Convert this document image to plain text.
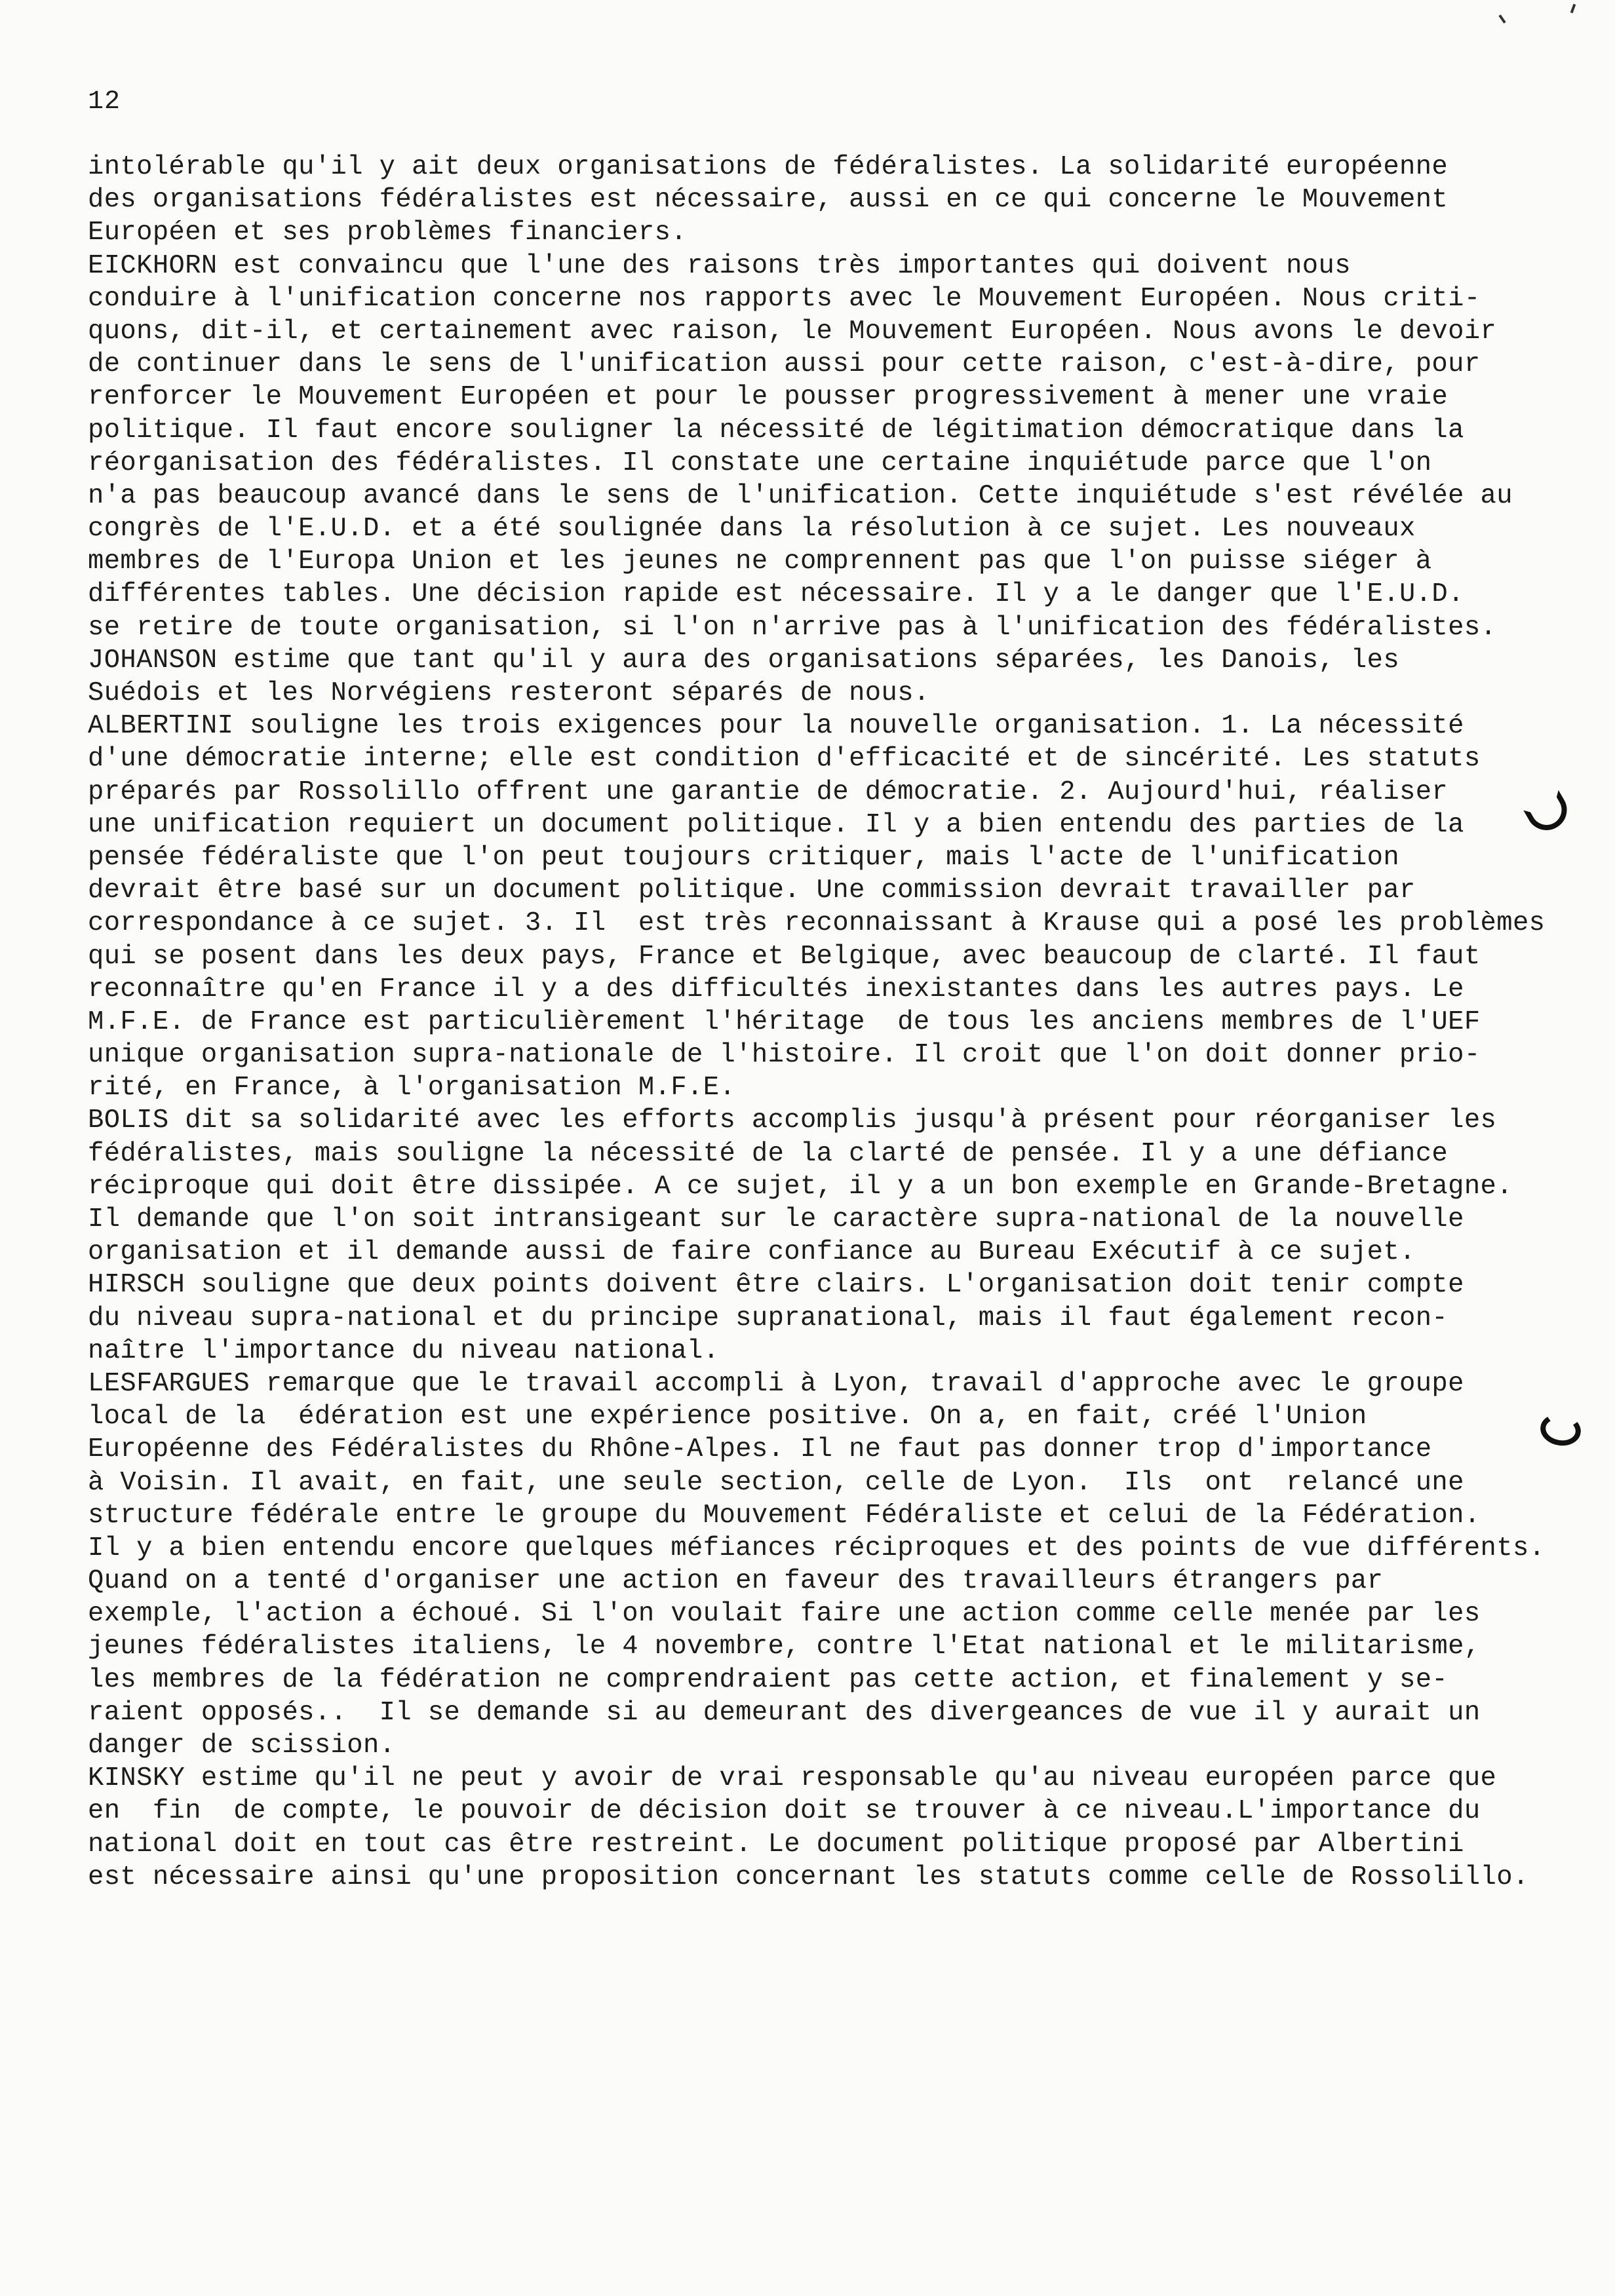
12
intolérable qu'il y ait deux organisations de fédéralistes. La solidarité européenne
des organisations fédéralistes est nécessaire, aussi en ce qui concerne le Mouvement
Européen et ses problèmes financiers.
EICKHORN est convaincu que l'une des raisons très importantes qui doivent nous
conduire à l'unification concerne nos rapports avec le Mouvement Européen. Nous criti-
quons, dit-il, et certainement avec raison, le Mouvement Européen. Nous avons le devoir
de continuer dans le sens de l'unification aussi pour cette raison, c'est-à-dire, pour
renforcer le Mouvement Européen et pour le pousser progressivement à mener une vraie
politique. Il faut encore souligner la nécessité de légitimation démocratique dans la
réorganisation des fédéralistes. Il constate une certaine inquiétude parce que l'on
n'a pas beaucoup avancé dans le sens de l'unification. Cette inquiétude s'est révélée au
congrès de l'E.U.D. et a été soulignée dans la résolution à ce sujet. Les nouveaux
membres de l'Europa Union et les jeunes ne comprennent pas que l'on puisse siéger à
différentes tables. Une décision rapide est nécessaire. Il y a le danger que l'E.U.D.
se retire de toute organisation, si l'on n'arrive pas à l'unification des fédéralistes.
JOHANSON estime que tant qu'il y aura des organisations séparées, les Danois, les
Suédois et les Norvégiens resteront séparés de nous.
ALBERTINI souligne les trois exigences pour la nouvelle organisation. 1. La nécessité
d'une démocratie interne; elle est condition d'efficacité et de sincérité. Les statuts
préparés par Rossolillo offrent une garantie de démocratie. 2. Aujourd'hui, réaliser
une unification requiert un document politique. Il y a bien entendu des parties de la
pensée fédéraliste que l'on peut toujours critiquer, mais l'acte de l'unification
devrait être basé sur un document politique. Une commission devrait travailler par
correspondance à ce sujet. 3. Il  est très reconnaissant à Krause qui a posé les problèmes
qui se posent dans les deux pays, France et Belgique, avec beaucoup de clarté. Il faut
reconnaître qu'en France il y a des difficultés inexistantes dans les autres pays. Le
M.F.E. de France est particulièrement l'héritage  de tous les anciens membres de l'UEF
unique organisation supra-nationale de l'histoire. Il croit que l'on doit donner prio-
rité, en France, à l'organisation M.F.E.
BOLIS dit sa solidarité avec les efforts accomplis jusqu'à présent pour réorganiser les
fédéralistes, mais souligne la nécessité de la clarté de pensée. Il y a une défiance
réciproque qui doit être dissipée. A ce sujet, il y a un bon exemple en Grande-Bretagne.
Il demande que l'on soit intransigeant sur le caractère supra-national de la nouvelle
organisation et il demande aussi de faire confiance au Bureau Exécutif à ce sujet.
HIRSCH souligne que deux points doivent être clairs. L'organisation doit tenir compte
du niveau supra-national et du principe supranational, mais il faut également recon-
naître l'importance du niveau national.
LESFARGUES remarque que le travail accompli à Lyon, travail d'approche avec le groupe
local de la  édération est une expérience positive. On a, en fait, créé l'Union
Européenne des Fédéralistes du Rhône-Alpes. Il ne faut pas donner trop d'importance
à Voisin. Il avait, en fait, une seule section, celle de Lyon.  Ils  ont  relancé une
structure fédérale entre le groupe du Mouvement Fédéraliste et celui de la Fédération.
Il y a bien entendu encore quelques méfiances réciproques et des points de vue différents.
Quand on a tenté d'organiser une action en faveur des travailleurs étrangers par
exemple, l'action a échoué. Si l'on voulait faire une action comme celle menée par les
jeunes fédéralistes italiens, le 4 novembre, contre l'Etat national et le militarisme,
les membres de la fédération ne comprendraient pas cette action, et finalement y se-
raient opposés..  Il se demande si au demeurant des divergeances de vue il y aurait un
danger de scission.
KINSKY estime qu'il ne peut y avoir de vrai responsable qu'au niveau européen parce que
en  fin  de compte, le pouvoir de décision doit se trouver à ce niveau.L'importance du
national doit en tout cas être restreint. Le document politique proposé par Albertini
est nécessaire ainsi qu'une proposition concernant les statuts comme celle de Rossolillo.
